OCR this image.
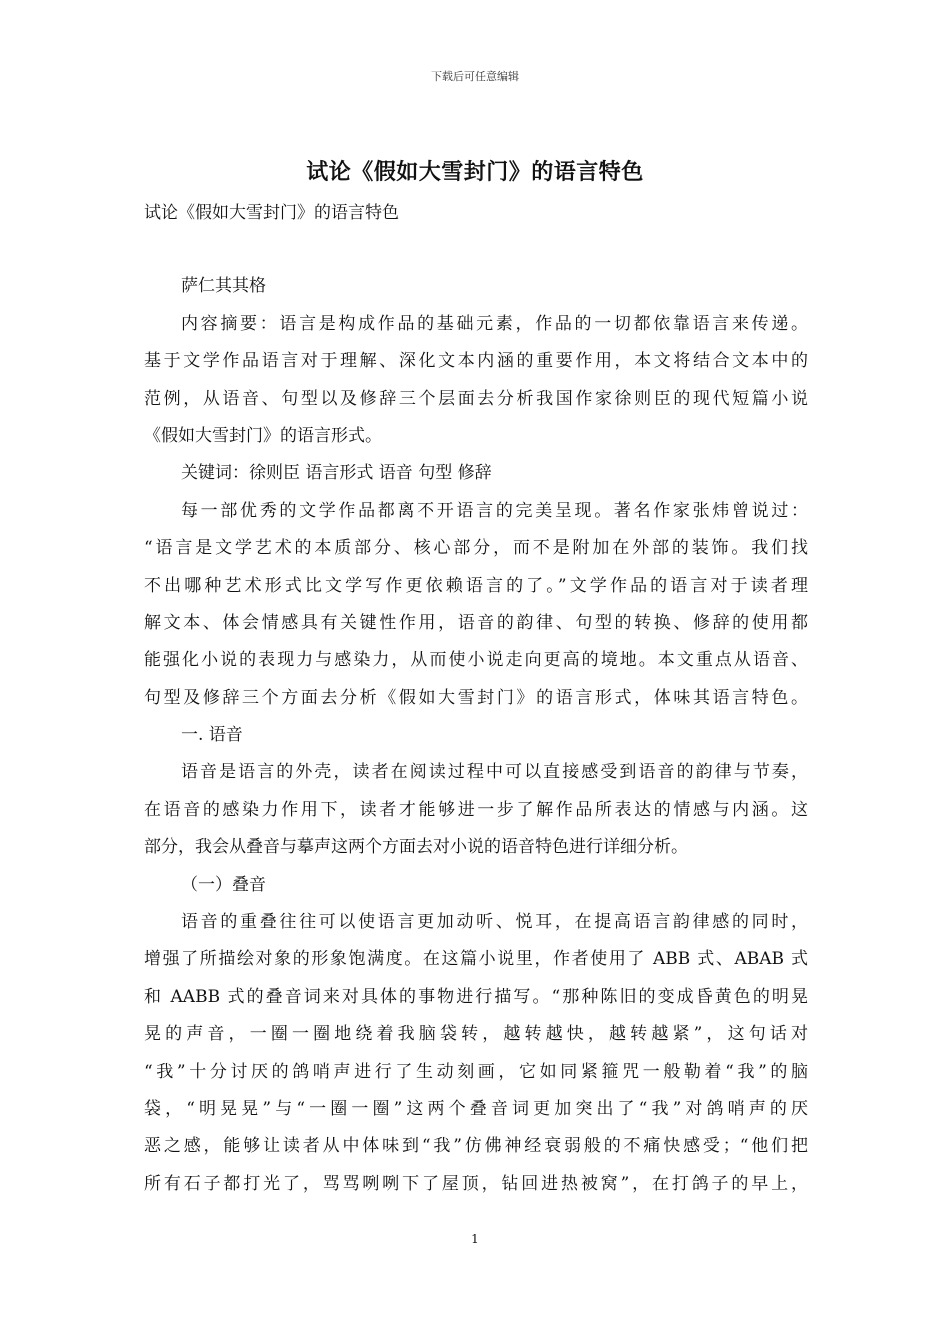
下载后可任意编辑
试论《假如大雪封门》的语言特色
试论《假如大雪封门》的语言特色
萨仁其其格
内容摘要：语言是构成作品的基础元素，作品的一切都依靠语言来传递。
基于文学作品语言对于理解、深化文本内涵的重要作用，本文将结合文本中的
范例，从语音、句型以及修辞三个层面去分析我国作家徐则臣的现代短篇小说
《假如大雪封门》的语言形式。
关键词：徐则臣 语言形式 语音 句型 修辞
每一部优秀的文学作品都离不开语言的完美呈现。著名作家张炜曾说过：
“语言是文学艺术的本质部分、核心部分，而不是附加在外部的装饰。我们找
不出哪种艺术形式比文学写作更依赖语言的了。”文学作品的语言对于读者理
解文本、体会情感具有关键性作用，语音的韵律、句型的转换、修辞的使用都
能强化小说的表现力与感染力，从而使小说走向更高的境地。本文重点从语音、
句型及修辞三个方面去分析《假如大雪封门》的语言形式，体味其语言特色。
一. 语音
语音是语言的外壳，读者在阅读过程中可以直接感受到语音的韵律与节奏，
在语音的感染力作用下，读者才能够进一步了解作品所表达的情感与内涵。这
部分，我会从叠音与摹声这两个方面去对小说的语音特色进行详细分析。
（一）叠音
语音的重叠往往可以使语言更加动听、悦耳，在提高语言韵律感的同时，
增强了所描绘对象的形象饱满度。在这篇小说里，作者使用了 ABB 式、ABAB 式
和 AABB 式的叠音词来对具体的事物进行描写。“那种陈旧的变成昏黄色的明晃
晃的声音，一圈一圈地绕着我脑袋转，越转越快，越转越紧”，这句话对
“我”十分讨厌的鸽哨声进行了生动刻画，它如同紧箍咒一般勒着“我”的脑
袋，“明晃晃”与“一圈一圈”这两个叠音词更加突出了“我”对鸽哨声的厌
恶之感，能够让读者从中体味到“我”仿佛神经衰弱般的不痛快感受；“他们把
所有石子都打光了，骂骂咧咧下了屋顶，钻回进热被窝”，在打鸽子的早上，
1
